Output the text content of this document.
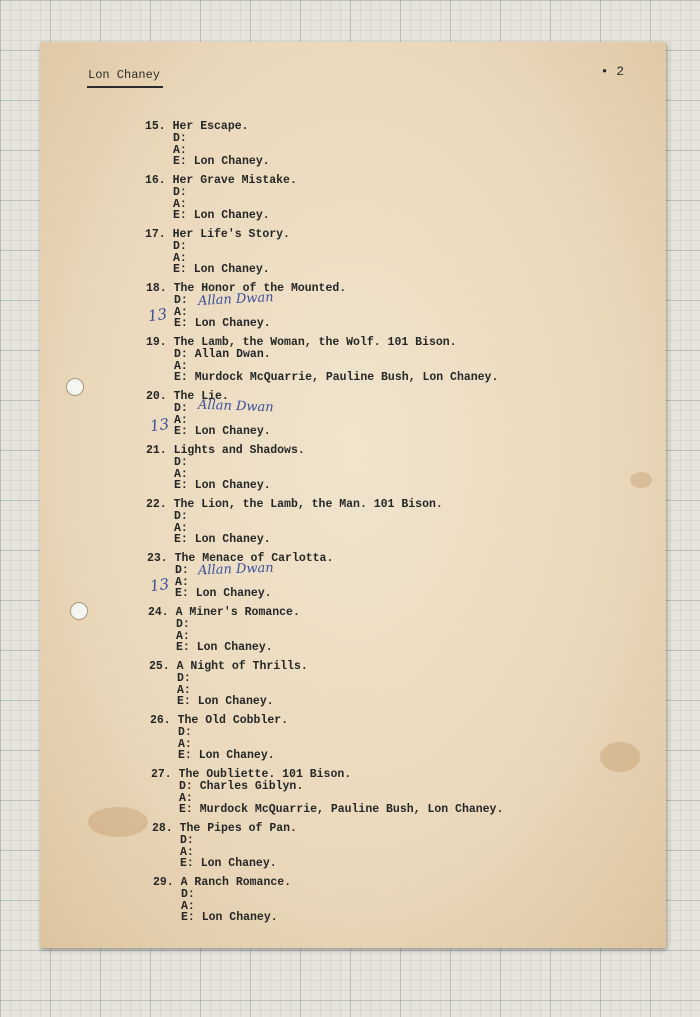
Lon Chaney	• 2
15. Her Escape.
D:
A:
E: Lon Chaney.
16. Her Grave Mistake.
D:
A:
E: Lon Chaney.
17. Her Life's Story.
D:
A:
E: Lon Chaney.
18. The Honor of the Mounted.
D:
A:
E: Lon Chaney.
19. The Lamb, the Woman, the Wolf. 101 Bison.
D: Allan Dwan.
A:
E: Murdock McQuarrie, Pauline Bush, Lon Chaney.
20. The Lie.
D:
A:
E: Lon Chaney.
21. Lights and Shadows.
D:
A:
E: Lon Chaney.
22. The Lion, the Lamb, the Man. 101 Bison.
D:
A:
E: Lon Chaney.
23. The Menace of Carlotta.
D:
A:
E: Lon Chaney.
24. A Miner's Romance.
D:
A:
E: Lon Chaney.
25. A Night of Thrills.
D:
A:
E: Lon Chaney.
26. The Old Cobbler.
D:
A:
E: Lon Chaney.
27. The Oubliette. 101 Bison.
D: Charles Giblyn.
A:
E: Murdock McQuarrie, Pauline Bush, Lon Chaney.
28. The Pipes of Pan.
D:
A:
E: Lon Chaney.
29. A Ranch Romance.
D:
A:
E: Lon Chaney.
Allan Dwan
13
Allan Dwan
13
Allan Dwan
13
